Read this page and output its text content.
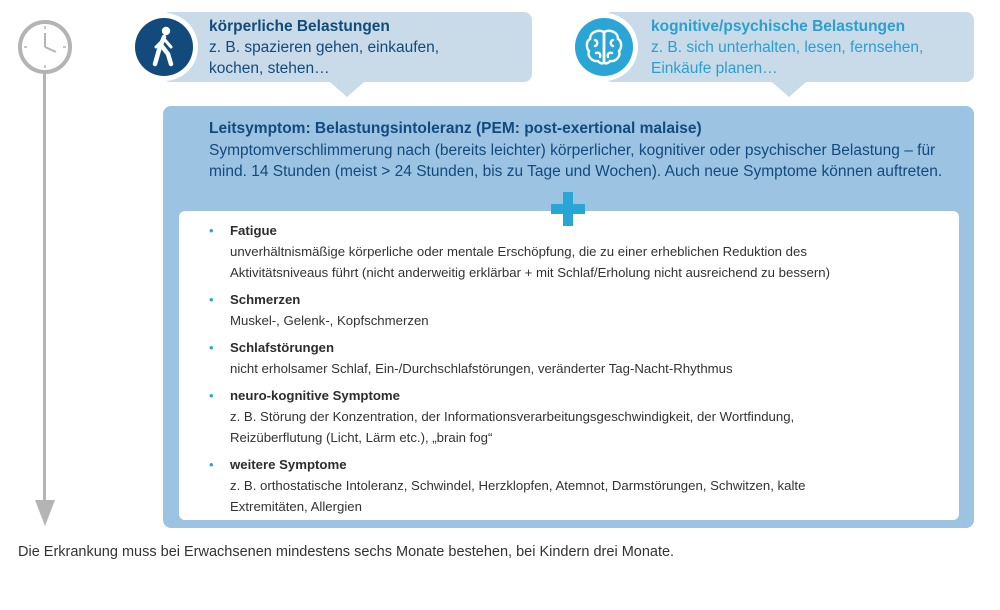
körperliche Belastungen
z. B. spazieren gehen, einkaufen,
kochen, stehen…
kognitive/psychische Belastungen
z. B. sich unterhalten, lesen, fernsehen,
Einkäufe planen…
Leitsymptom: Belastungsintoleranz (PEM: post-exertional malaise)
Symptomverschlimmerung nach (bereits leichter) körperlicher, kognitiver oder psychischer Belastung – für mind. 14 Stunden (meist > 24 Stunden, bis zu Tage und Wochen). Auch neue Symptome können auftreten.
• Fatigue
unverhältnismäßige körperliche oder mentale Erschöpfung, die zu einer erheblichen Reduktion des
Aktivitätsniveaus führt (nicht anderweitig erklärbar + mit Schlaf/Erholung nicht ausreichend zu bessern)
• Schmerzen
Muskel-, Gelenk-, Kopfschmerzen
• Schlafstörungen
nicht erholsamer Schlaf, Ein-/Durchschlafstörungen, veränderter Tag-Nacht-Rhythmus
• neuro-kognitive Symptome
z. B. Störung der Konzentration, der Informationsverarbeitungsgeschwindigkeit, der Wortfindung,
Reizüberflutung (Licht, Lärm etc.), „brain fog“
• weitere Symptome
z. B. orthostatische Intoleranz, Schwindel, Herzklopfen, Atemnot, Darmstörungen, Schwitzen, kalte
Extremitäten, Allergien
Die Erkrankung muss bei Erwachsenen mindestens sechs Monate bestehen, bei Kindern drei Monate.
